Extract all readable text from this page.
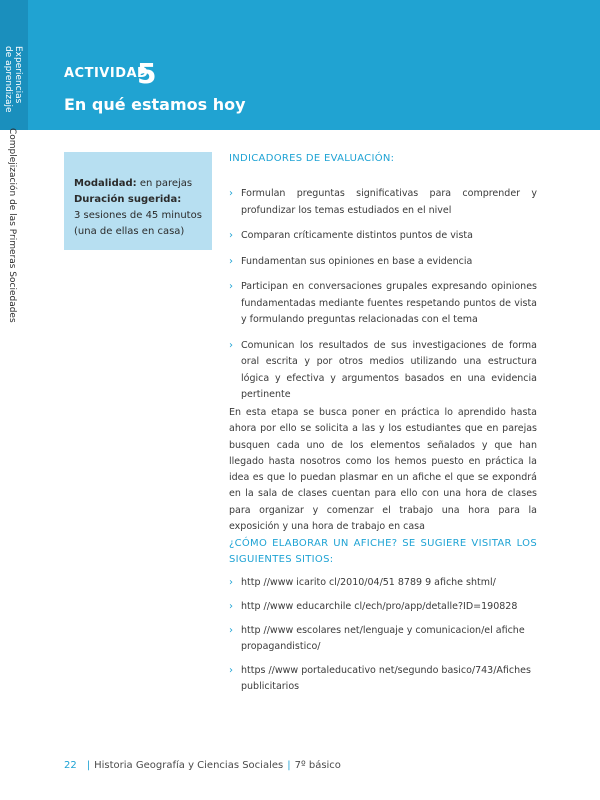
Experiencias
de aprendizaje
Complejización de las Primeras Sociedades
ACTIVIDAD
5
En qué estamos hoy

Modalidad: en parejas

Duración sugerida:

3 sesiones de 45 minutos

(una de ellas en casa)

INDICADORES DE EVALUACIÓN:
› Formulan preguntas significativas para comprender y profundizar los temas estudiados en el nivel
› Comparan críticamente distintos puntos de vista
› Fundamentan sus opiniones en base a evidencia
› Participan en conversaciones grupales expresando opiniones fundamentadas mediante fuentes respetando puntos de vista y formulando preguntas relacionadas con el tema
› Comunican los resultados de sus investigaciones de forma oral escrita y por otros medios utilizando una estructura lógica y efectiva y argumentos basados en una evidencia pertinente

En esta etapa se busca poner en práctica lo aprendido hasta ahora por ello se solicita a las y los estudiantes que en parejas busquen cada uno de los elementos señalados y que han llegado hasta nosotros como los hemos puesto en práctica la idea es que lo puedan plasmar en un afiche el que se expondrá en la sala de clases cuentan para ello con una hora de clases para organizar y comenzar el trabajo una hora para la exposición y una hora de trabajo en casa

¿CÓMO ELABORAR UN AFICHE? SE SUGIERE VISITAR LOS SIGUIENTES SITIOS:
› http //www icarito cl/2010/04/51 8789 9 afiche shtml/
› http //www educarchile cl/ech/pro/app/detalle?ID=190828
› http //www escolares net/lenguaje y comunicacion/el afiche propagandistico/
› https //www portaleducativo net/segundo basico/743/Afiches publicitarios
22 | Historia Geografía y Ciencias Sociales | 7º básico
